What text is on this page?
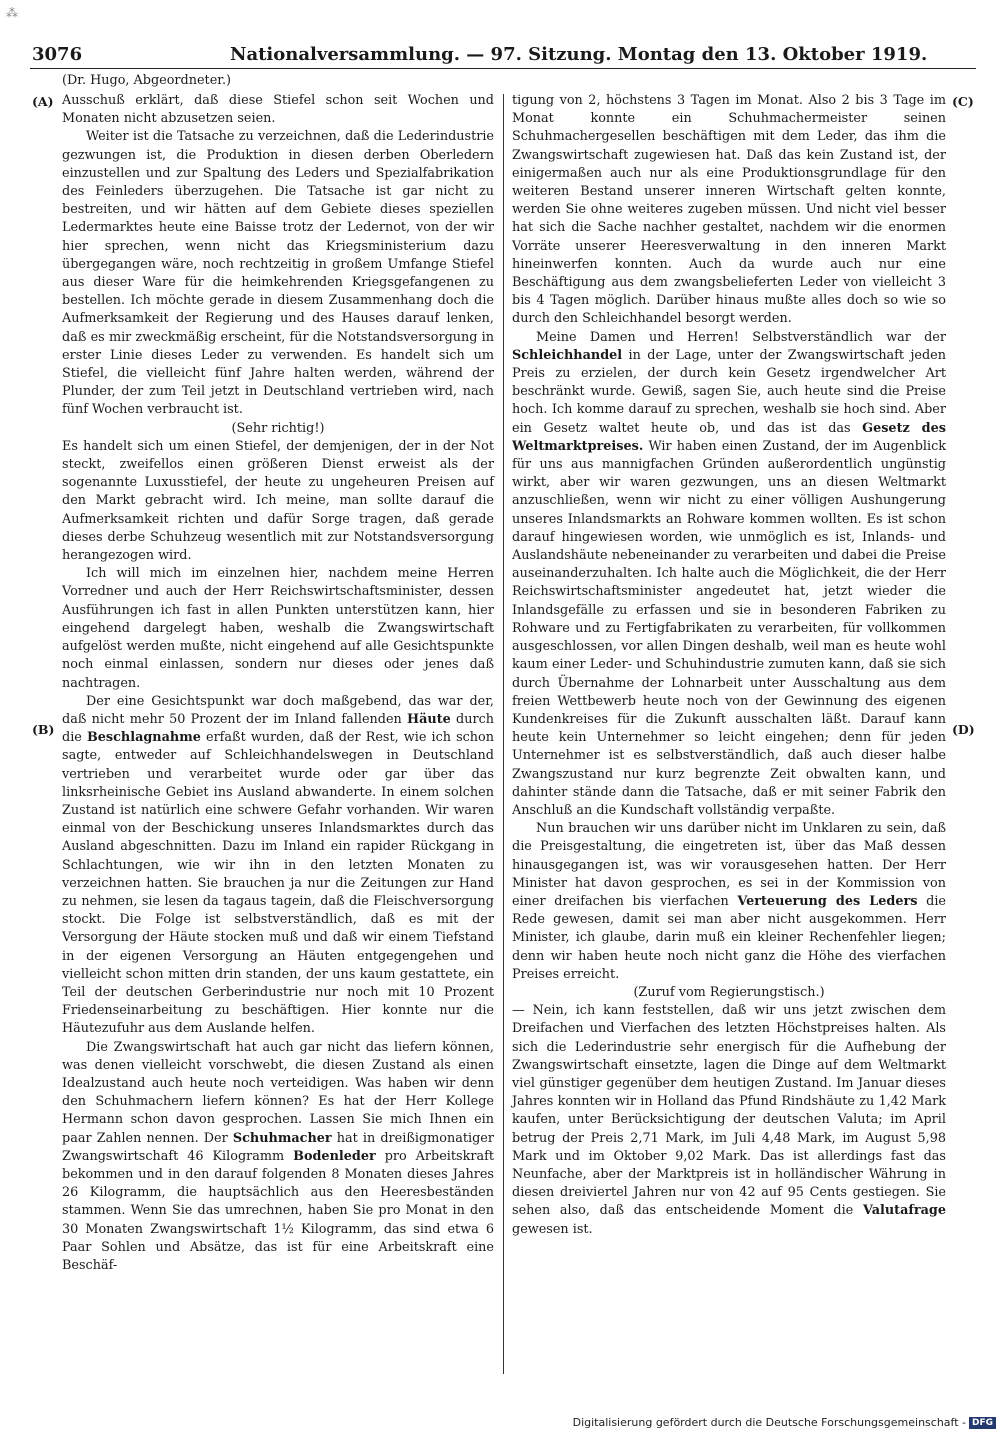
⁂
3076	Nationalversammlung. — 97. Sitzung. Montag den 13. Oktober 1919.
(Dr. Hugo, Abgeordneter.)
(A)
(B)
(C)
(D)

Ausschuß erklärt, daß diese Stiefel schon seit Wochen und Monaten nicht abzusetzen seien.

Weiter ist die Tatsache zu verzeichnen, daß die Lederindustrie gezwungen ist, die Produktion in diesen derben Oberledern einzustellen und zur Spaltung des Leders und Spezialfabrikation des Feinleders überzugehen. Die Tatsache ist gar nicht zu bestreiten, und wir hätten auf dem Gebiete dieses speziellen Ledermarktes heute eine Baisse trotz der Ledernot, von der wir hier sprechen, wenn nicht das Kriegsministerium dazu übergegangen wäre, noch rechtzeitig in großem Umfange Stiefel aus dieser Ware für die heimkehrenden Kriegsgefangenen zu bestellen. Ich möchte gerade in diesem Zusammenhang doch die Aufmerksamkeit der Regierung und des Hauses darauf lenken, daß es mir zweckmäßig erscheint, für die Notstandsversorgung in erster Linie dieses Leder zu verwenden. Es handelt sich um Stiefel, die vielleicht fünf Jahre halten werden, während der Plunder, der zum Teil jetzt in Deutschland vertrieben wird, nach fünf Wochen verbraucht ist.

(Sehr richtig!)

Es handelt sich um einen Stiefel, der demjenigen, der in der Not steckt, zweifellos einen größeren Dienst erweist als der sogenannte Luxusstiefel, der heute zu ungeheuren Preisen auf den Markt gebracht wird. Ich meine, man sollte darauf die Aufmerksamkeit richten und dafür Sorge tragen, daß gerade dieses derbe Schuhzeug wesentlich mit zur Notstandsversorgung herangezogen wird.

Ich will mich im einzelnen hier, nachdem meine Herren Vorredner und auch der Herr Reichswirtschaftsminister, dessen Ausführungen ich fast in allen Punkten unterstützen kann, hier eingehend dargelegt haben, weshalb die Zwangswirtschaft aufgelöst werden mußte, nicht eingehend auf alle Gesichtspunkte noch einmal einlassen, sondern nur dieses oder jenes daß nachtragen.

Der eine Gesichtspunkt war doch maßgebend, das war der, daß nicht mehr 50 Prozent der im Inland fallenden Häute durch die Beschlagnahme erfaßt wurden, daß der Rest, wie ich schon sagte, entweder auf Schleichhandelswegen in Deutschland vertrieben und verarbeitet wurde oder gar über das linksrheinische Gebiet ins Ausland abwanderte. In einem solchen Zustand ist natürlich eine schwere Gefahr vorhanden. Wir waren einmal von der Beschickung unseres Inlandsmarktes durch das Ausland abgeschnitten. Dazu im Inland ein rapider Rückgang in Schlachtungen, wie wir ihn in den letzten Monaten zu verzeichnen hatten. Sie brauchen ja nur die Zeitungen zur Hand zu nehmen, sie lesen da tagaus tagein, daß die Fleischversorgung stockt. Die Folge ist selbstverständlich, daß es mit der Versorgung der Häute stocken muß und daß wir einem Tiefstand in der eigenen Versorgung an Häuten entgegengehen und vielleicht schon mitten drin standen, der uns kaum gestattete, ein Teil der deutschen Gerberindustrie nur noch mit 10 Prozent Friedenseinarbeitung zu beschäftigen. Hier konnte nur die Häutezufuhr aus dem Auslande helfen.

Die Zwangswirtschaft hat auch gar nicht das liefern können, was denen vielleicht vorschwebt, die diesen Zustand als einen Idealzustand auch heute noch verteidigen. Was haben wir denn den Schuhmachern liefern können? Es hat der Herr Kollege Hermann schon davon gesprochen. Lassen Sie mich Ihnen ein paar Zahlen nennen. Der Schuhmacher hat in dreißigmonatiger Zwangswirtschaft 46 Kilogramm Bodenleder pro Arbeitskraft bekommen und in den darauf folgenden 8 Monaten dieses Jahres 26 Kilogramm, die hauptsächlich aus den Heeresbeständen stammen. Wenn Sie das umrechnen, haben Sie pro Monat in den 30 Monaten Zwangswirtschaft 1½ Kilogramm, das sind etwa 6 Paar Sohlen und Absätze, das ist für eine Arbeitskraft eine Beschäf-

tigung von 2, höchstens 3 Tagen im Monat. Also 2 bis 3 Tage im Monat konnte ein Schuhmachermeister seinen Schuhmachergesellen beschäftigen mit dem Leder, das ihm die Zwangswirtschaft zugewiesen hat. Daß das kein Zustand ist, der einigermaßen auch nur als eine Produktionsgrundlage für den weiteren Bestand unserer inneren Wirtschaft gelten konnte, werden Sie ohne weiteres zugeben müssen. Und nicht viel besser hat sich die Sache nachher gestaltet, nachdem wir die enormen Vorräte unserer Heeresverwaltung in den inneren Markt hineinwerfen konnten. Auch da wurde auch nur eine Beschäftigung aus dem zwangsbelieferten Leder von vielleicht 3 bis 4 Tagen möglich. Darüber hinaus mußte alles doch so wie so durch den Schleichhandel besorgt werden.

Meine Damen und Herren! Selbstverständlich war der Schleichhandel in der Lage, unter der Zwangswirtschaft jeden Preis zu erzielen, der durch kein Gesetz irgendwelcher Art beschränkt wurde. Gewiß, sagen Sie, auch heute sind die Preise hoch. Ich komme darauf zu sprechen, weshalb sie hoch sind. Aber ein Gesetz waltet heute ob, und das ist das Gesetz des Weltmarktpreises. Wir haben einen Zustand, der im Augenblick für uns aus mannigfachen Gründen außerordentlich ungünstig wirkt, aber wir waren gezwungen, uns an diesen Weltmarkt anzuschließen, wenn wir nicht zu einer völligen Aushungerung unseres Inlandsmarkts an Rohware kommen wollten. Es ist schon darauf hingewiesen worden, wie unmöglich es ist, Inlands- und Auslandshäute nebeneinander zu verarbeiten und dabei die Preise auseinanderzuhalten. Ich halte auch die Möglichkeit, die der Herr Reichswirtschaftsminister angedeutet hat, jetzt wieder die Inlandsgefälle zu erfassen und sie in besonderen Fabriken zu Rohware und zu Fertigfabrikaten zu verarbeiten, für vollkommen ausgeschlossen, vor allen Dingen deshalb, weil man es heute wohl kaum einer Leder- und Schuhindustrie zumuten kann, daß sie sich durch Übernahme der Lohnarbeit unter Ausschaltung aus dem freien Wettbewerb heute noch von der Gewinnung des eigenen Kundenkreises für die Zukunft ausschalten läßt. Darauf kann heute kein Unternehmer so leicht eingehen; denn für jeden Unternehmer ist es selbstverständlich, daß auch dieser halbe Zwangszustand nur kurz begrenzte Zeit obwalten kann, und dahinter stände dann die Tatsache, daß er mit seiner Fabrik den Anschluß an die Kundschaft vollständig verpaßte.

Nun brauchen wir uns darüber nicht im Unklaren zu sein, daß die Preisgestaltung, die eingetreten ist, über das Maß dessen hinausgegangen ist, was wir vorausgesehen hatten. Der Herr Minister hat davon gesprochen, es sei in der Kommission von einer dreifachen bis vierfachen Verteuerung des Leders die Rede gewesen, damit sei man aber nicht ausgekommen. Herr Minister, ich glaube, darin muß ein kleiner Rechenfehler liegen; denn wir haben heute noch nicht ganz die Höhe des vierfachen Preises erreicht.

(Zuruf vom Regierungstisch.)

— Nein, ich kann feststellen, daß wir uns jetzt zwischen dem Dreifachen und Vierfachen des letzten Höchstpreises halten. Als sich die Lederindustrie sehr energisch für die Aufhebung der Zwangswirtschaft einsetzte, lagen die Dinge auf dem Weltmarkt viel günstiger gegenüber dem heutigen Zustand. Im Januar dieses Jahres konnten wir in Holland das Pfund Rindshäute zu 1,42 Mark kaufen, unter Berücksichtigung der deutschen Valuta; im April betrug der Preis 2,71 Mark, im Juli 4,48 Mark, im August 5,98 Mark und im Oktober 9,02 Mark. Das ist allerdings fast das Neunfache, aber der Marktpreis ist in holländischer Währung in diesen dreiviertel Jahren nur von 42 auf 95 Cents gestiegen. Sie sehen also, daß das entscheidende Moment die Valutafrage gewesen ist.

Digitalisierung gefördert durch die Deutsche Forschungsgemeinschaft - DFG
